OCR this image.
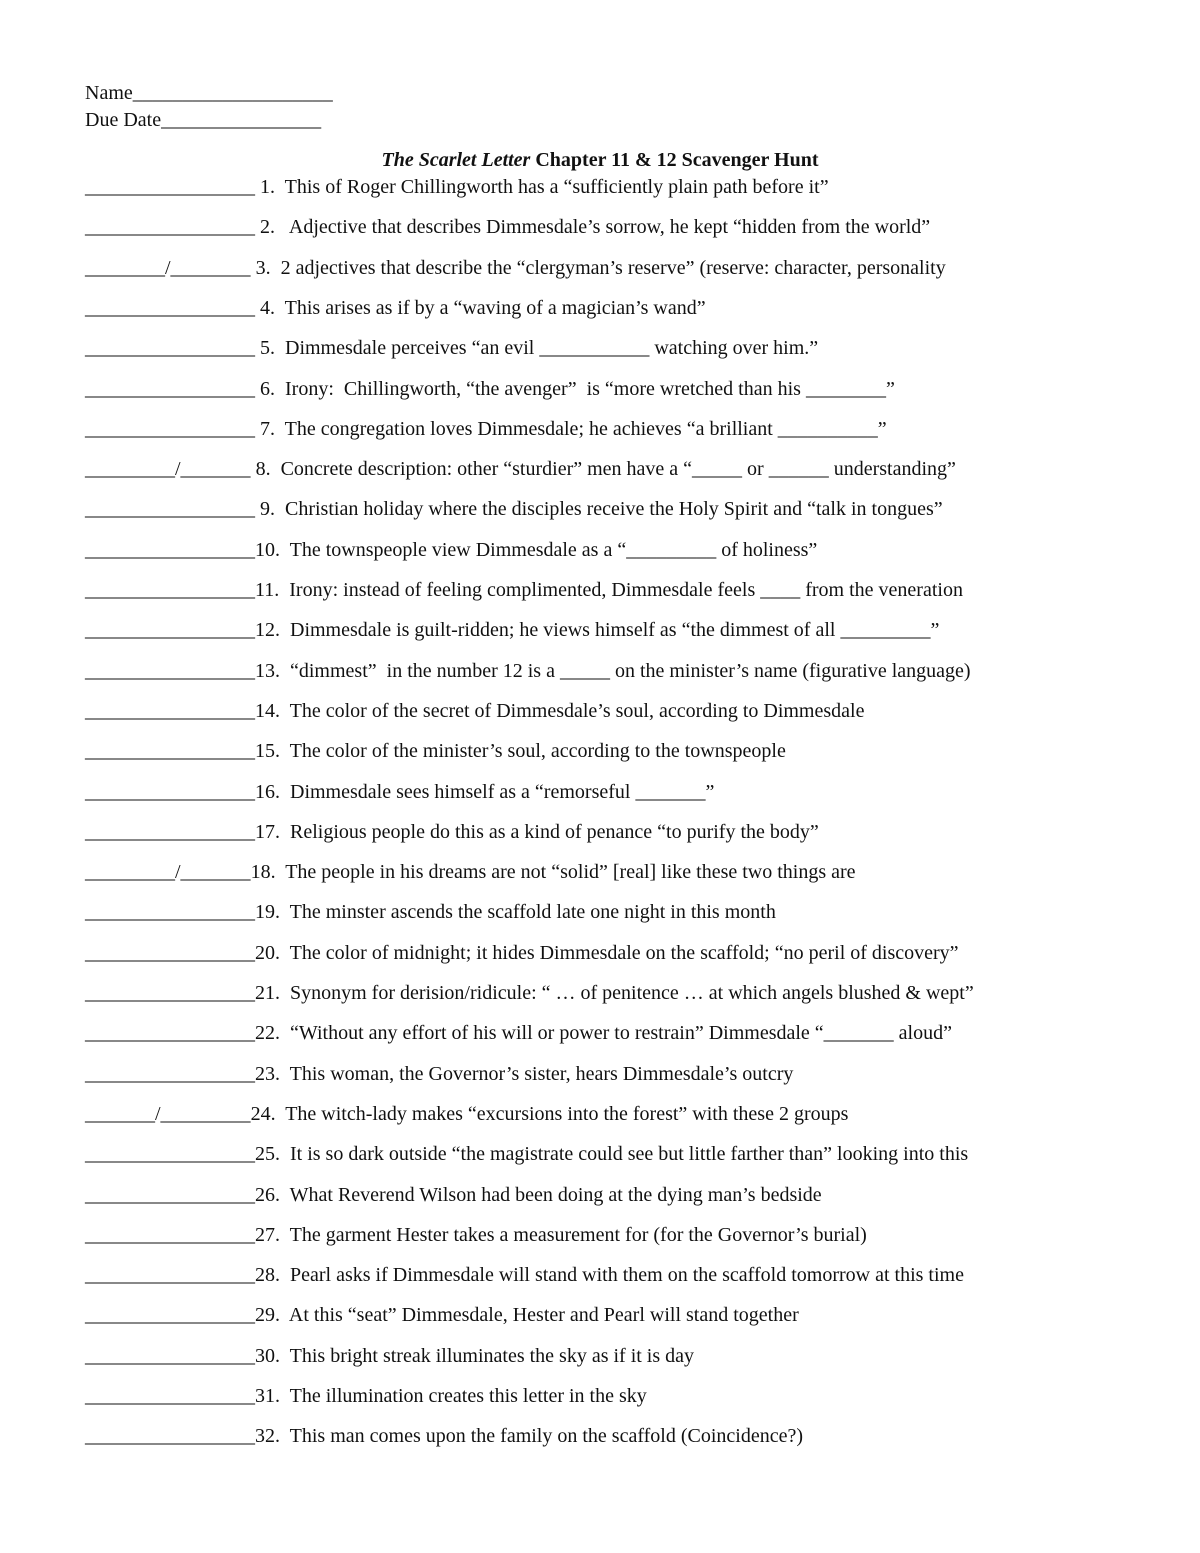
Name____________________
Due Date________________
The Scarlet Letter Chapter 11 & 12 Scavenger Hunt
_________________ 1.  This of Roger Chillingworth has a “sufficiently plain path before it”
_________________ 2.   Adjective that describes Dimmesdale’s sorrow, he kept “hidden from the world”
________/________ 3.  2 adjectives that describe the “clergyman’s reserve” (reserve: character, personality
_________________ 4.  This arises as if by a “waving of a magician’s wand”
_________________ 5.  Dimmesdale perceives “an evil ___________ watching over him.”
_________________ 6.  Irony:  Chillingworth, “the avenger”  is “more wretched than his ________”
_________________ 7.  The congregation loves Dimmesdale; he achieves “a brilliant __________”
_________/_______ 8.  Concrete description: other “sturdier” men have a “_____ or ______ understanding”
_________________ 9.  Christian holiday where the disciples receive the Holy Spirit and “talk in tongues”
_________________10.  The townspeople view Dimmesdale as a “_________ of holiness”
_________________11.  Irony: instead of feeling complimented, Dimmesdale feels ____ from the veneration
_________________12.  Dimmesdale is guilt-ridden; he views himself as “the dimmest of all _________”
_________________13.  “dimmest”  in the number 12 is a _____ on the minister’s name (figurative language)
_________________14.  The color of the secret of Dimmesdale’s soul, according to Dimmesdale
_________________15.  The color of the minister’s soul, according to the townspeople
_________________16.  Dimmesdale sees himself as a “remorseful _______”
_________________17.  Religious people do this as a kind of penance “to purify the body”
_________/_______18.  The people in his dreams are not “solid” [real] like these two things are
_________________19.  The minster ascends the scaffold late one night in this month
_________________20.  The color of midnight; it hides Dimmesdale on the scaffold; “no peril of discovery”
_________________21.  Synonym for derision/ridicule: “ … of penitence … at which angels blushed & wept”
_________________22.  “Without any effort of his will or power to restrain” Dimmesdale “_______ aloud”
_________________23.  This woman, the Governor’s sister, hears Dimmesdale’s outcry
_______/_________24.  The witch-lady makes “excursions into the forest” with these 2 groups
_________________25.  It is so dark outside “the magistrate could see but little farther than” looking into this
_________________26.  What Reverend Wilson had been doing at the dying man’s bedside
_________________27.  The garment Hester takes a measurement for (for the Governor’s burial)
_________________28.  Pearl asks if Dimmesdale will stand with them on the scaffold tomorrow at this time
_________________29.  At this “seat” Dimmesdale, Hester and Pearl will stand together
_________________30.  This bright streak illuminates the sky as if it is day
_________________31.  The illumination creates this letter in the sky
_________________32.  This man comes upon the family on the scaffold (Coincidence?)
